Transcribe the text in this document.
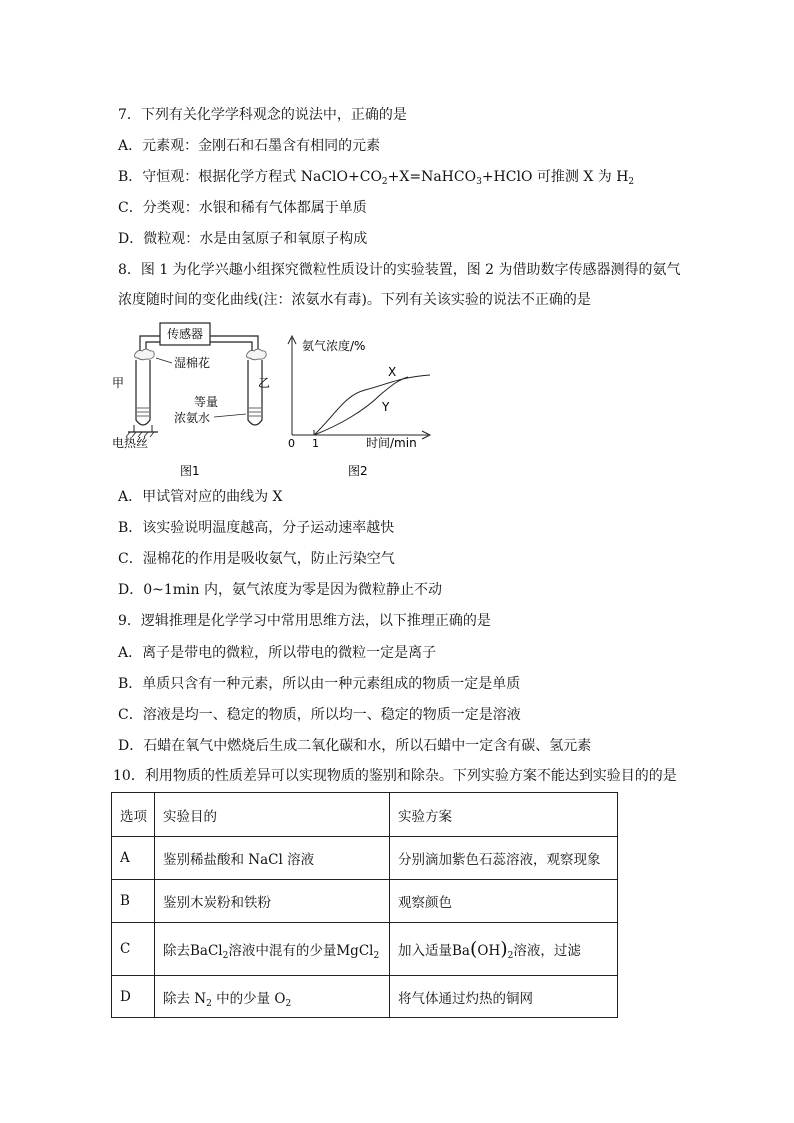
7．下列有关化学学科观念的说法中，正确的是
A．元素观：金刚石和石墨含有相同的元素
B．守恒观：根据化学方程式 $NaClO+CO_2+X=NaHCO_3+HClO$ 可推测 X 为 $H_2$
C．分类观：水银和稀有气体都属于单质
D．微粒观：水是由氢原子和氧原子构成
8．图 1 为化学兴趣小组探究微粒性质设计的实验装置，图 2 为借助数字传感器测得的氨气
浓度随时间的变化曲线(注：浓氨水有毒)。下列有关该实验的说法不正确的是
传感器
湿棉花
甲	乙
等量
浓氨水
电热丝
图1
氨气浓度/%
0 1	时间/min
X
Y
图2
A．甲试管对应的曲线为 X
B．该实验说明温度越高，分子运动速率越快
C．湿棉花的作用是吸收氨气，防止污染空气
D．0~1min 内，氨气浓度为零是因为微粒静止不动
9．逻辑推理是化学学习中常用思维方法，以下推理正确的是
A．离子是带电的微粒，所以带电的微粒一定是离子
B．单质只含有一种元素，所以由一种元素组成的物质一定是单质
C．溶液是均一、稳定的物质，所以均一、稳定的物质一定是溶液
D．石蜡在氧气中燃烧后生成二氧化碳和水，所以石蜡中一定含有碳、氢元素
10．利用物质的性质差异可以实现物质的鉴别和除杂。下列实验方案不能达到实验目的的是
选项	实验目的	实验方案
A	鉴别稀盐酸和 NaCl 溶液	分别滴加紫色石蕊溶液，观察现象
B	鉴别木炭粉和铁粉	观察颜色
C	除去BaCl$_2$溶液中混有的少量MgCl$_2$	加入适量$Ba(OH)_2$溶液，过滤
D	除去 $N_2$ 中的少量 $O_2$	将气体通过灼热的铜网
